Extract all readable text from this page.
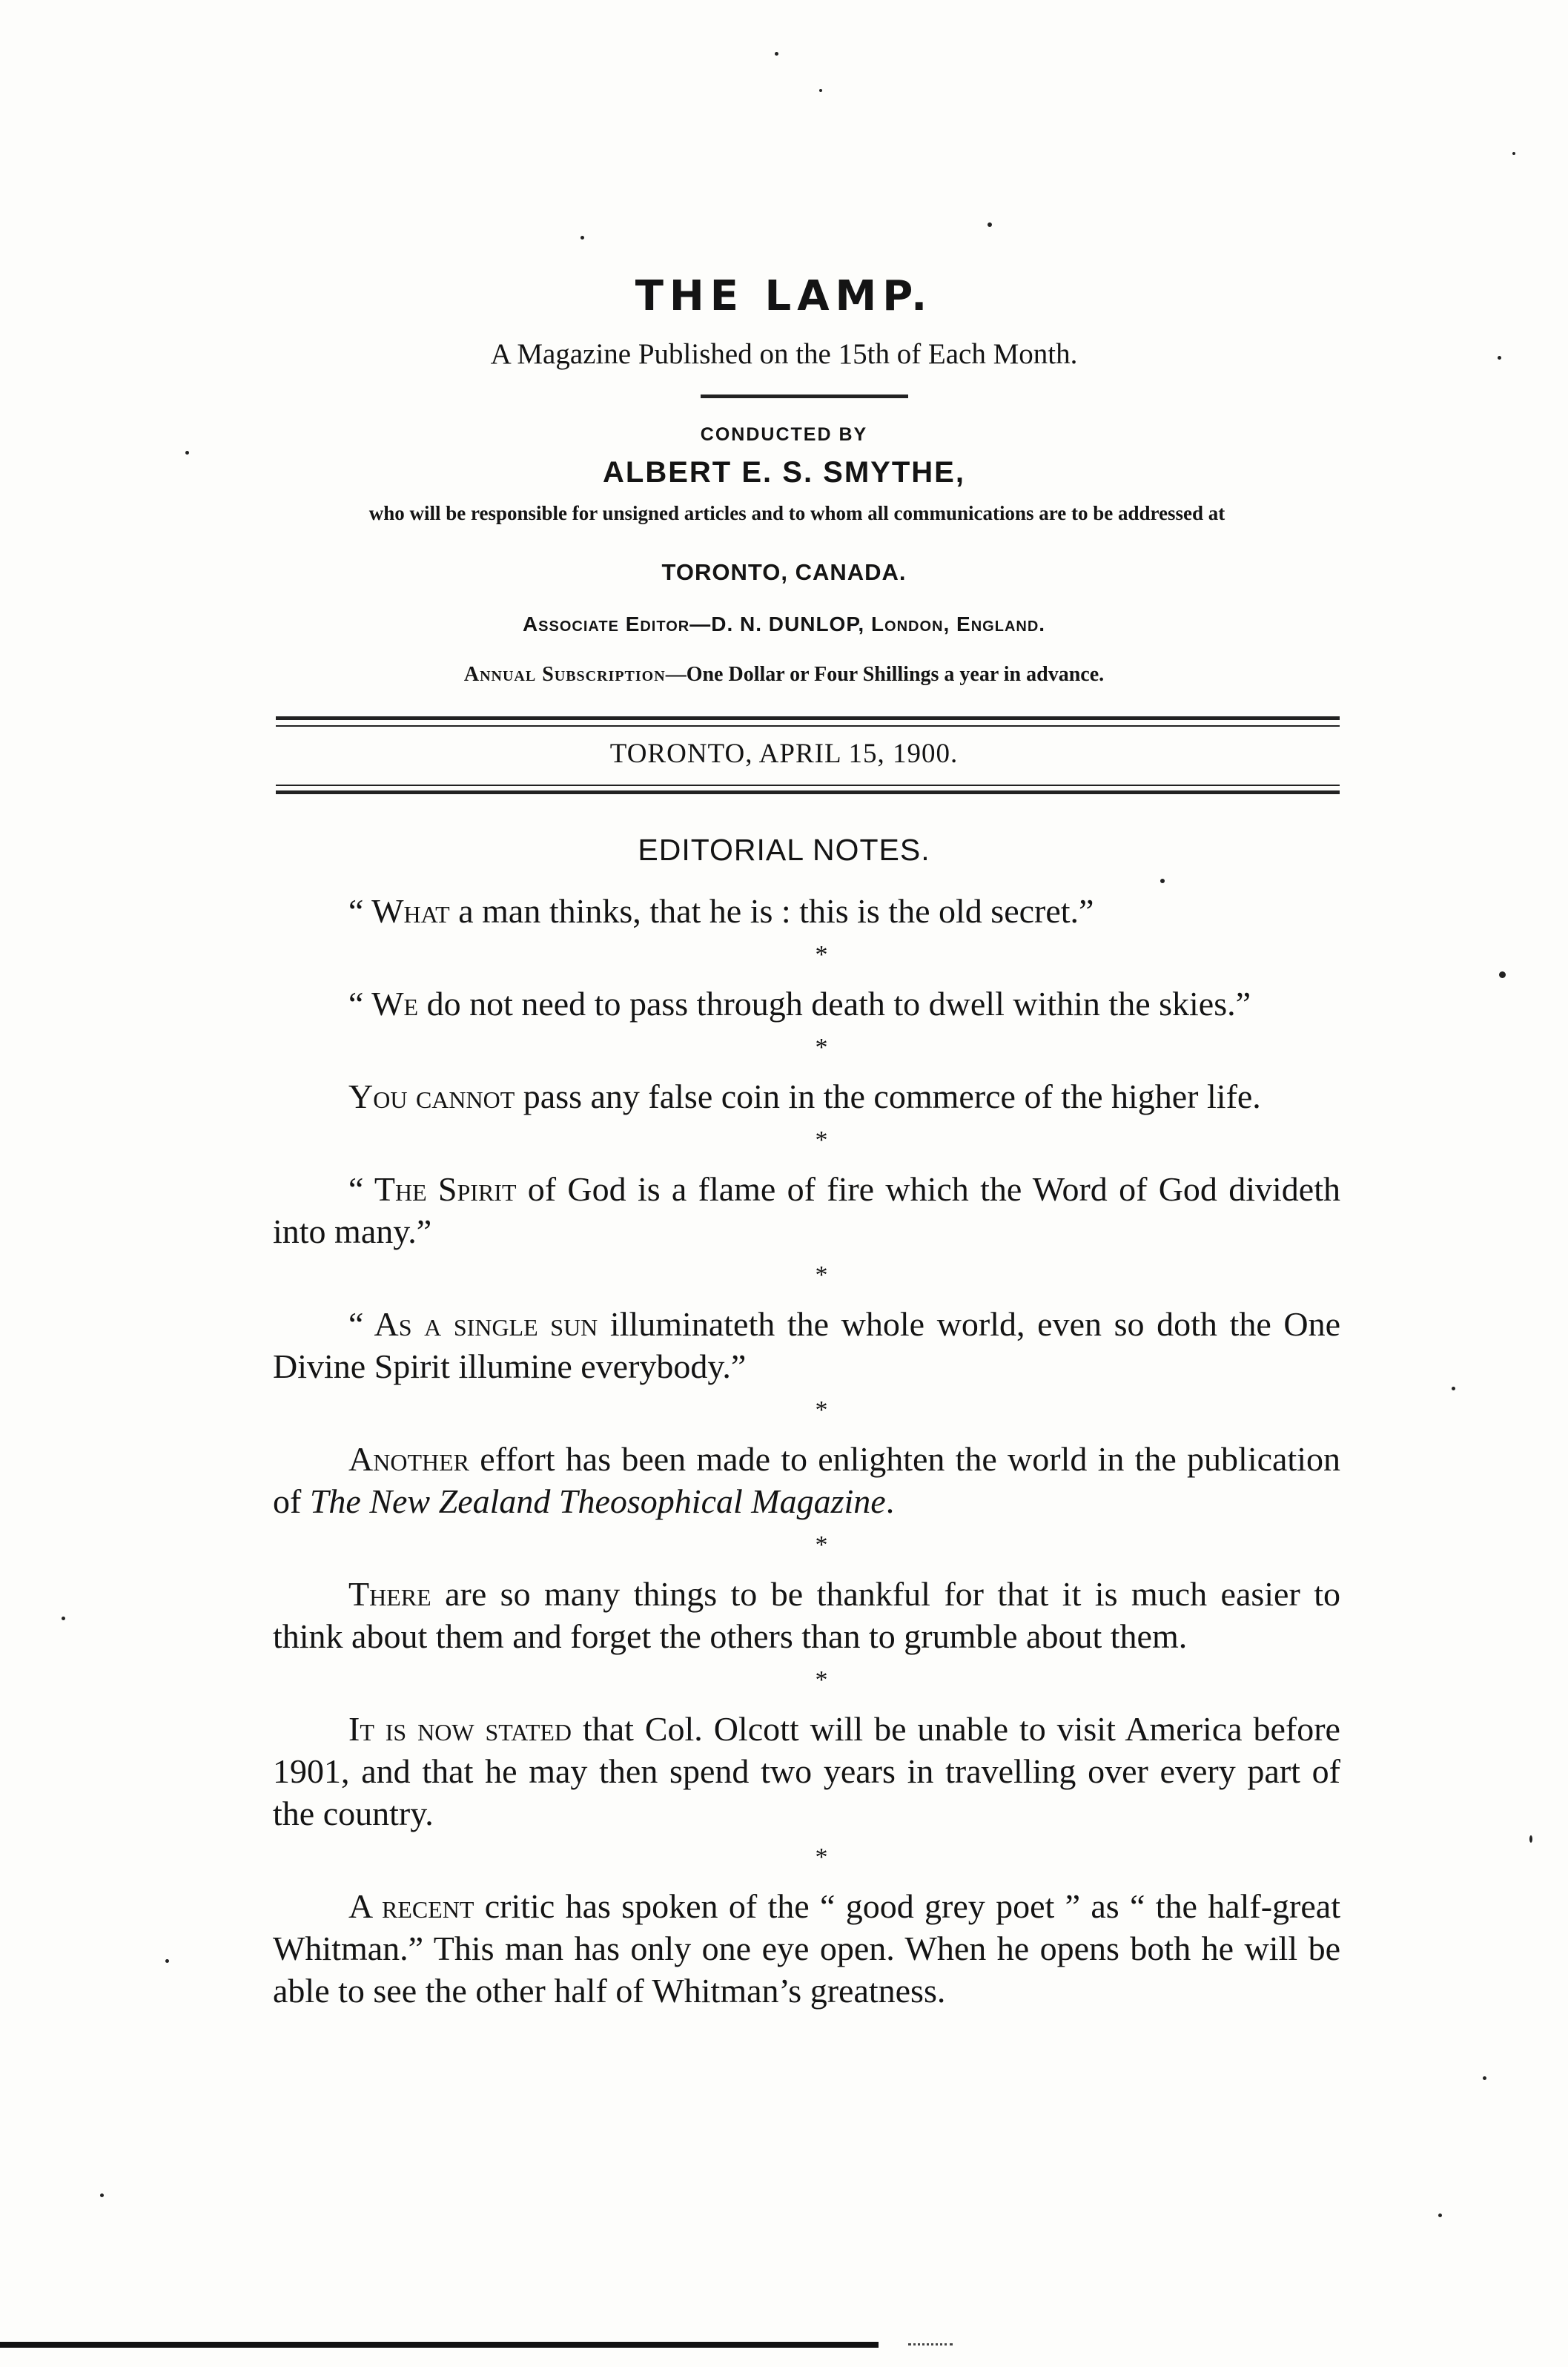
THE LAMP.
A Magazine Published on the 15th of Each Month.
CONDUCTED BY
ALBERT E. S. SMYTHE,
who will be responsible for unsigned articles and to whom all communications are to be addressed at
TORONTO, CANADA.
Associate Editor—D. N. DUNLOP, London, England.
Annual Subscription—One Dollar or Four Shillings a year in advance.
TORONTO, APRIL 15, 1900.
EDITORIAL NOTES.

“ What a man thinks, that he is : this is the old secret.”

*

“ We do not need to pass through death to dwell within the skies.”

*

You cannot pass any false coin in the commerce of the higher life.

*

“ The Spirit of God is a flame of fire which the Word of God divideth into many.”

*

“ As a single sun illuminateth the whole world, even so doth the One Divine Spirit illumine everybody.”

*

Another effort has been made to enlighten the world in the publication of The New Zealand Theosophical Magazine.

*

There are so many things to be thankful for that it is much easier to think about them and forget the others than to grumble about them.

*

It is now stated that Col. Olcott will be unable to visit America before 1901, and that he may then spend two years in travelling over every part of the country.

*

A recent critic has spoken of the “ good grey poet ” as “ the half-great Whitman.” This man has only one eye open. When he opens both he will be able to see the other half of Whitman’s greatness.
